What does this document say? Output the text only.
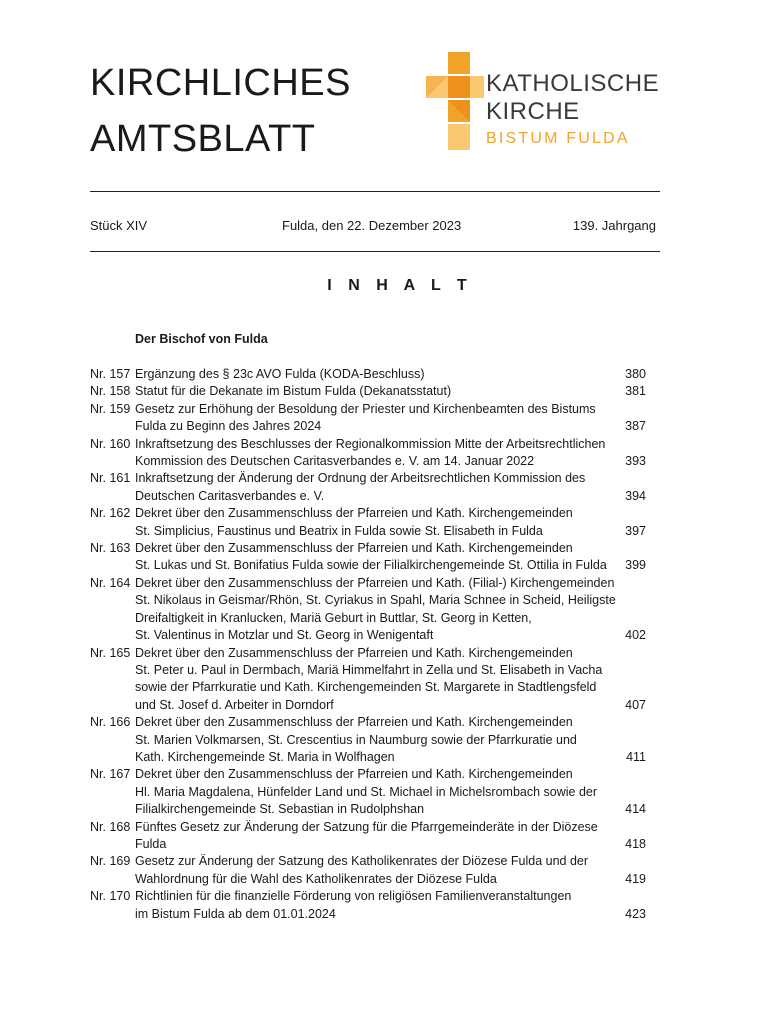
KIRCHLICHES
AMTSBLATT
KATHOLISCHE
KIRCHE
BISTUM FULDA
Stück XIV	Fulda, den 22. Dezember 2023	139. Jahrgang
I N H A L T
Der Bischof von Fulda
Nr. 157 Ergänzung des § 23c AVO Fulda (KODA-Beschluss)	380
Nr. 158 Statut für die Dekanate im Bistum Fulda (Dekanatsstatut)	381
Nr. 159 Gesetz zur Erhöhung der Besoldung der Priester und Kirchenbeamten des Bistums
Fulda zu Beginn des Jahres 2024	387
Nr. 160 Inkraftsetzung des Beschlusses der Regionalkommission Mitte der Arbeitsrechtlichen
Kommission des Deutschen Caritasverbandes e. V. am 14. Januar 2022	393
Nr. 161 Inkraftsetzung der Änderung der Ordnung der Arbeitsrechtlichen Kommission des
Deutschen Caritasverbandes e. V.	394
Nr. 162 Dekret über den Zusammenschluss der Pfarreien und Kath. Kirchengemeinden
St. Simplicius, Faustinus und Beatrix in Fulda sowie St. Elisabeth in Fulda	397
Nr. 163 Dekret über den Zusammenschluss der Pfarreien und Kath. Kirchengemeinden
St. Lukas und St. Bonifatius Fulda sowie der Filialkirchengemeinde St. Ottilia in Fulda	399
Nr. 164 Dekret über den Zusammenschluss der Pfarreien und Kath. (Filial-) Kirchengemeinden
St. Nikolaus in Geismar/Rhön, St. Cyriakus in Spahl, Maria Schnee in Scheid, Heiligste
Dreifaltigkeit in Kranlucken, Mariä Geburt in Buttlar, St. Georg in Ketten,
St. Valentinus in Motzlar und St. Georg in Wenigentaft	402
Nr. 165 Dekret über den Zusammenschluss der Pfarreien und Kath. Kirchengemeinden
St. Peter u. Paul in Dermbach, Mariä Himmelfahrt in Zella und St. Elisabeth in Vacha
sowie der Pfarrkuratie und Kath. Kirchengemeinden St. Margarete in Stadtlengsfeld
und St. Josef d. Arbeiter in Dorndorf	407
Nr. 166 Dekret über den Zusammenschluss der Pfarreien und Kath. Kirchengemeinden
St. Marien Volkmarsen, St. Crescentius in Naumburg sowie der Pfarrkuratie und
Kath. Kirchengemeinde St. Maria in Wolfhagen	411
Nr. 167 Dekret über den Zusammenschluss der Pfarreien und Kath. Kirchengemeinden
Hl. Maria Magdalena, Hünfelder Land und St. Michael in Michelsrombach sowie der
Filialkirchengemeinde St. Sebastian in Rudolphshan	414
Nr. 168 Fünftes Gesetz zur Änderung der Satzung für die Pfarrgemeinderäte in der Diözese
Fulda	418
Nr. 169 Gesetz zur Änderung der Satzung des Katholikenrates der Diözese Fulda und der
Wahlordnung für die Wahl des Katholikenrates der Diözese Fulda	419
Nr. 170 Richtlinien für die finanzielle Förderung von religiösen Familienveranstaltungen
im Bistum Fulda ab dem 01.01.2024	423
